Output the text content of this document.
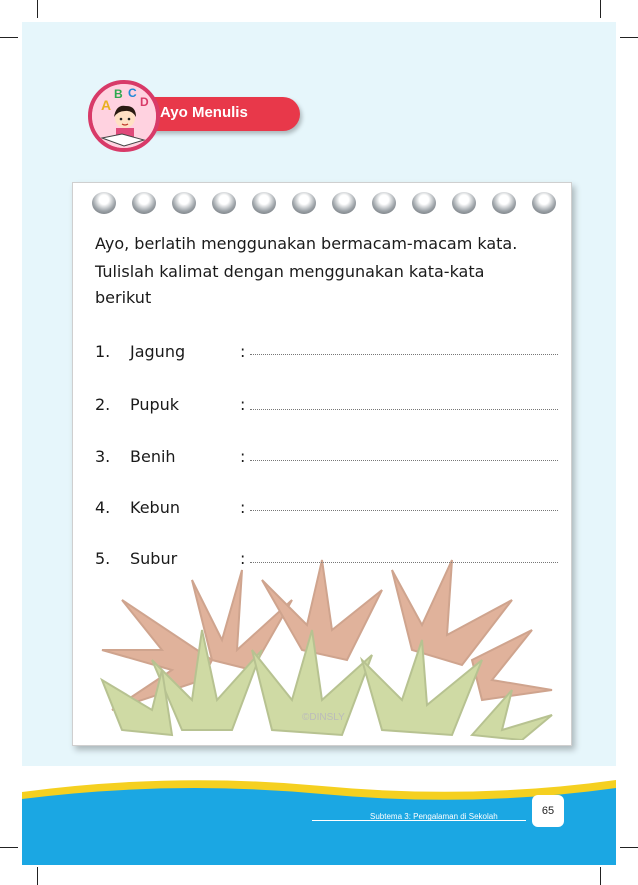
Ayo Menulis
A
B C
D
©DINSLY
Ayo, berlatih menggunakan bermacam-macam kata.
Tulislah kalimat dengan menggunakan kata-kata
berikut
1. Jagung	:
2. Pupuk	:
3. Benih	:
4. Kebun	:
5. Subur	:
Subtema 3: Pengalaman di Sekolah	65
